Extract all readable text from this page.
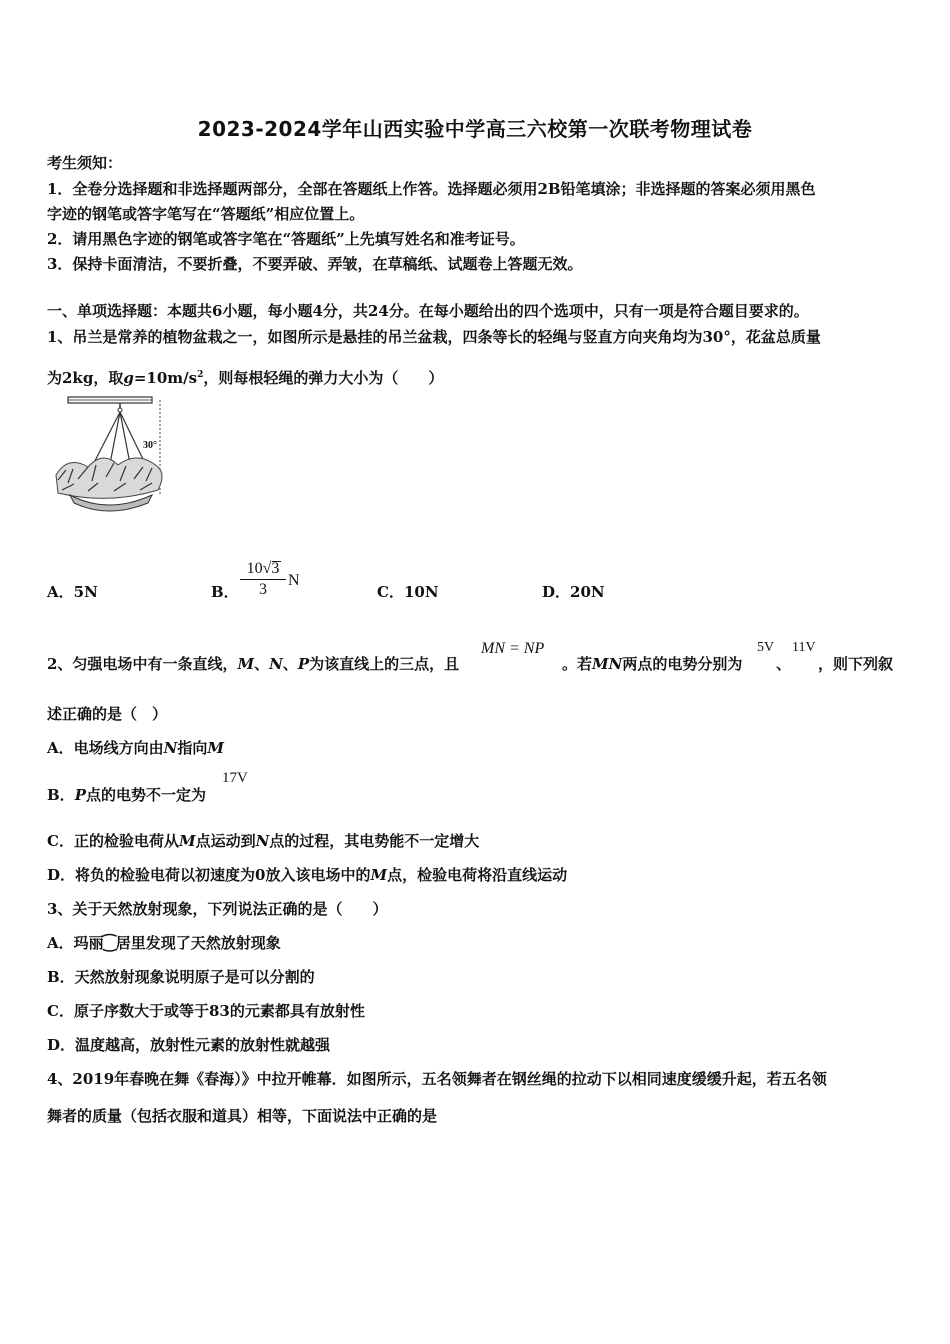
2023-2024学年山西实验中学高三六校第一次联考物理试卷
考生须知：
1．全卷分选择题和非选择题两部分，全部在答题纸上作答。选择题必须用2B铅笔填涂；非选择题的答案必须用黑色
字迹的钢笔或答字笔写在“答题纸”相应位置上。
2．请用黑色字迹的钢笔或答字笔在“答题纸”上先填写姓名和准考证号。
3．保持卡面清洁，不要折叠，不要弄破、弄皱，在草稿纸、试题卷上答题无效。
一、单项选择题：本题共6小题，每小题4分，共24分。在每小题给出的四个选项中，只有一项是符合题目要求的。
1、吊兰是常养的植物盆栽之一，如图所示是悬挂的吊兰盆栽，四条等长的轻绳与竖直方向夹角均为30°，花盆总质量
为2kg，取$g=10m/s^2$，则每根轻绳的弹力大小为（　　）
30°
A．5N	B． 10√
3
3 N
C．10N	D．20N
2、匀强电场中有一条直线，M、N、P为该直线上的三点，且
MN = NP
。若MN两点的电势分别为
5V
、
11V
，则下列叙
述正确的是（　）
A．电场线方向由N指向M
B．P点的电势不一定为
17V
C．正的检验电荷从M点运动到N点的过程，其电势能不一定增大
D．将负的检验电荷以初速度为0放入该电场中的M点，检验电荷将沿直线运动
3、关于天然放射现象，下列说法正确的是（　　）
A．玛丽⁐居里发现了天然放射现象
B．天然放射现象说明原子是可以分割的
C．原子序数大于或等于83的元素都具有放射性
D．温度越高，放射性元素的放射性就越强
4、2019年春晚在舞《春海）》中拉开帷幕．如图所示，五名领舞者在钢丝绳的拉动下以相同速度缓缓升起，若五名领
舞者的质量（包括衣服和道具）相等，下面说法中正确的是
